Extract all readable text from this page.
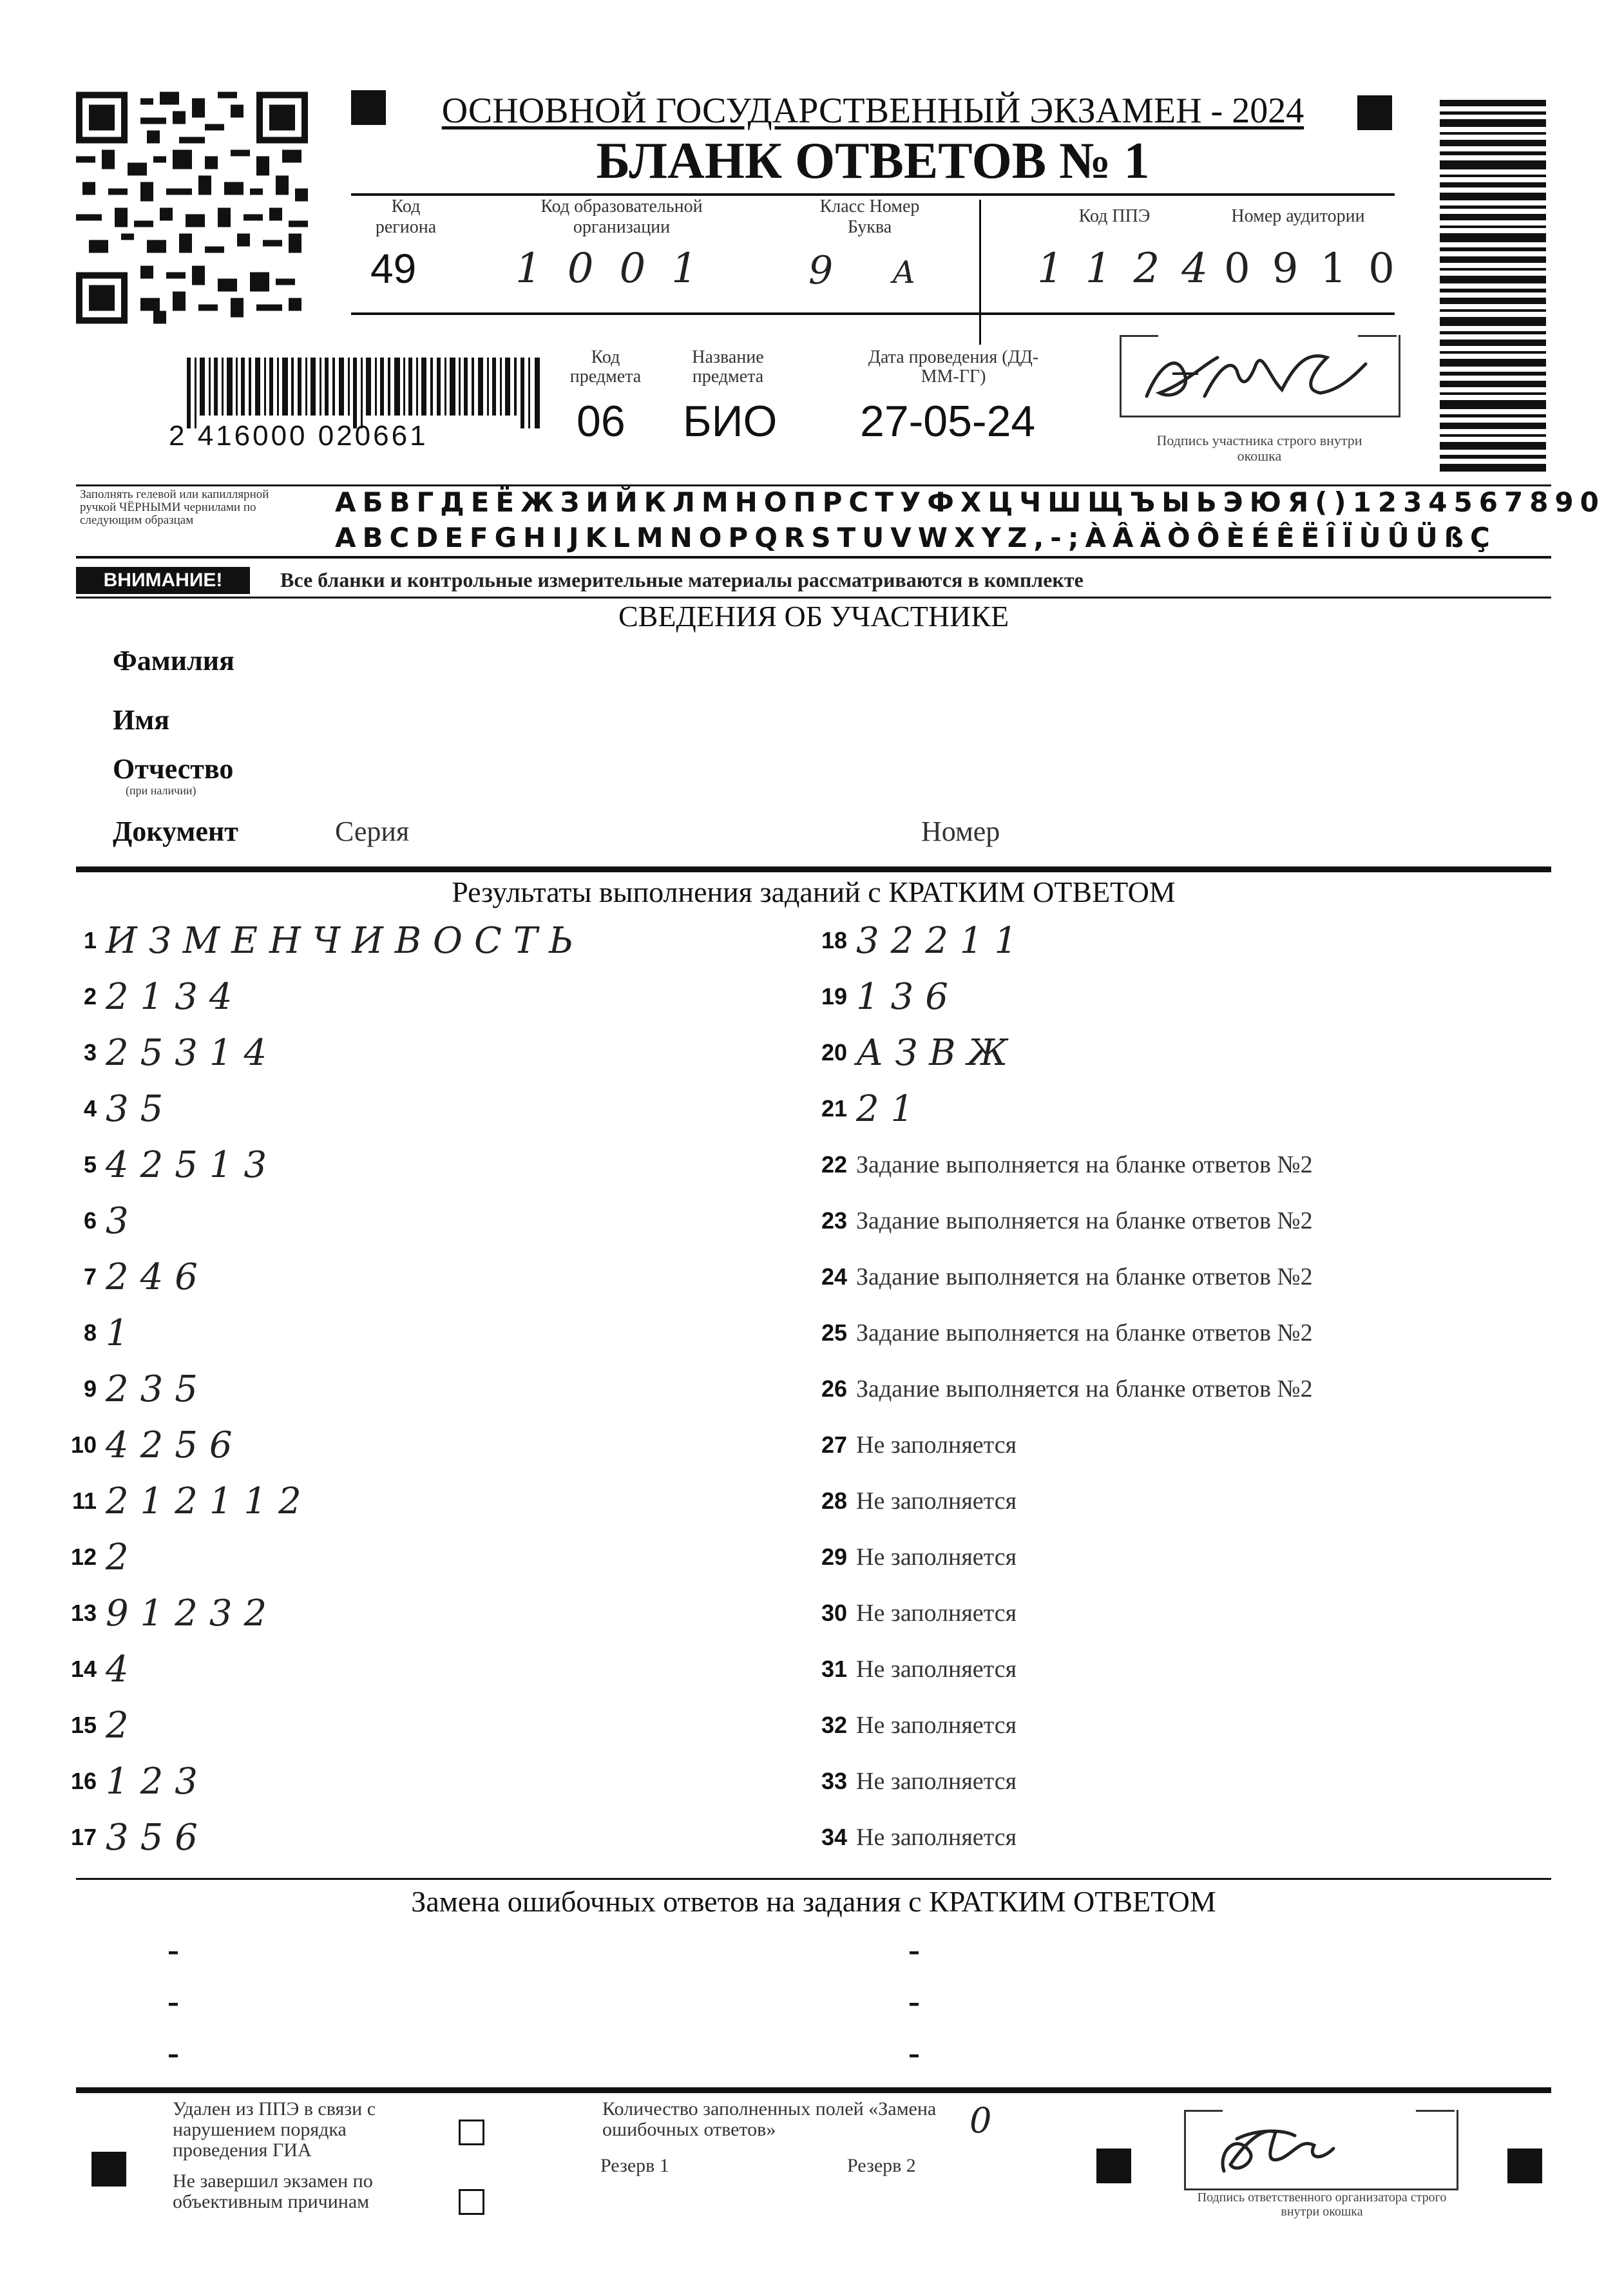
ОСНОВНОЙ ГОСУДАРСТВЕННЫЙ ЭКЗАМЕН - 2024
БЛАНК ОТВЕТОВ № 1
Код региона
49
Код образовательной организации
1001
Класс Номер Буква
9 А
Код ППЭ
1124
Номер аудитории
0910
2 416000 020661
Код предмета
06
Название предмета
БИО
Дата проведения (ДД-ММ-ГГ)
27-05-24	Подпись участника строго внутри окошка
Заполнять гелевой или капиллярной ручкой ЧЁРНЫМИ чернилами по следующим образцам
АБВГДЕЁЖЗИЙКЛМНОПРСТУФХЦЧШЩЪЫЬЭЮЯ()1234567890
ABCDEFGHIJKLMNOPQRSTUVWXYZ,-;ÀÂÄÒÔÈÉÊËÎÏÙÛÜßÇ
ВНИМАНИЕ!	Все бланки и контрольные измерительные материалы рассматриваются в комплекте
СВЕДЕНИЯ ОБ УЧАСТНИКЕ
Фамилия
Имя
Отчество
(при наличии)
Документ	Серия	Номер
Результаты выполнения заданий с КРАТКИМ ОТВЕТОМ
1 ИЗМЕНЧИВОСТЬ
2 2134
3 25314
4 35
5 42513
6 3
7 246
8 1
9 235
10 4256
11 212112
12 2
13 91232
14 4
15 2
16 123
17 356
18 32211
19 136
20 АЗВЖ
21 21
22 Задание выполняется на бланке ответов №2
23 Задание выполняется на бланке ответов №2
24 Задание выполняется на бланке ответов №2
25 Задание выполняется на бланке ответов №2
26 Задание выполняется на бланке ответов №2
27 Не заполняется
28 Не заполняется
29 Не заполняется
30 Не заполняется
31 Не заполняется
32 Не заполняется
33 Не заполняется
34 Не заполняется
Замена ошибочных ответов на задания с КРАТКИМ ОТВЕТОМ
-
-
-
-
-
-
Удален из ППЭ в связи с нарушением порядка проведения ГИА
Не завершил экзамен по объективным причинам
Количество заполненных полей «Замена ошибочных ответов»	0
Резерв 1	Резерв 2
Подпись ответственного организатора строго внутри окошка
